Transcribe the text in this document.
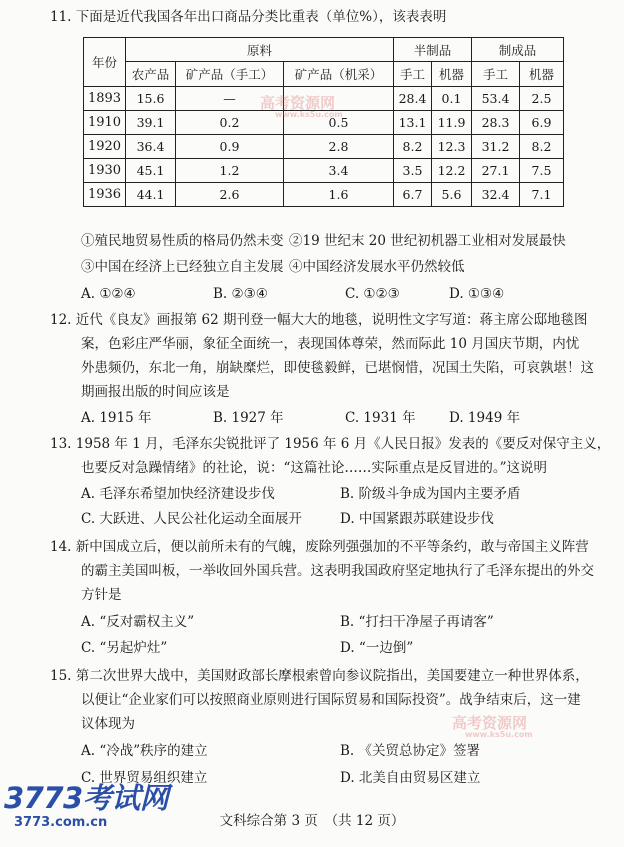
11. 下面是近代我国各年出口商品分类比重表（单位%），该表表明
年份	原料			半制品		制成品	
	农产品	矿产品（手工）	矿产品（机采）	手工	机器	手工	机器
1893	15.6	—		28.4	0.1	53.4	2.5
1910	39.1	0.2	0.5	13.1	11.9	28.3	6.9
1920	36.4	0.9	2.8	8.2	12.3	31.2	8.2
1930	45.1	1.2	3.4	3.5	12.2	27.1	7.5
1936	44.1	2.6	1.6	6.7	5.6	32.4	7.1
①殖民地贸易性质的格局仍然未变 ②19 世纪末 20 世纪初机器工业相对发展最快
③中国在经济上已经独立自主发展 ④中国经济发展水平仍然较低
A. ①②④	B. ②③④	C. ①②③	D. ①③④
12. 近代《良友》画报第 62 期刊登一幅大大的地毯，说明性文字写道：蒋主席公邸地毯图
案，色彩庄严华丽，象征全面统一，表现国体尊荣，然而际此 10 月国庆节期，内忧
外患频仍，东北一角，崩缺糜烂，即使毯毅鲜，已堪悯惜，况国土失陷，可哀孰堪！这
期画报出版的时间应该是
A. 1915 年	B. 1927 年	C. 1931 年 D. 1949 年
13. 1958 年 1 月，毛泽东尖锐批评了 1956 年 6 月《人民日报》发表的《要反对保守主义，
也要反对急躁情绪》的社论，说：“这篇社论……实际重点是反冒进的。”这说明
A. 毛泽东希望加快经济建设步伐	B. 阶级斗争成为国内主要矛盾
C. 大跃进、人民公社化运动全面展开	D. 中国紧跟苏联建设步伐
14. 新中国成立后，便以前所未有的气魄，废除列强强加的不平等条约，敢与帝国主义阵营
的霸主美国叫板，一举收回外国兵营。这表明我国政府坚定地执行了毛泽东提出的外交
方针是
A. “反对霸权主义”	B. “打扫干净屋子再请客”
C. “另起炉灶”	D. “一边倒”
15. 第二次世界大战中，美国财政部长摩根索曾向参议院指出，美国要建立一种世界体系，
以便让“企业家们可以按照商业原则进行国际贸易和国际投资”。战争结束后，这一建
议体现为
A. “冷战”秩序的建立	B. 《关贸总协定》签署
C. 世界贸易组织建立	D. 北美自由贸易区建立
高考资源网
www.ks5u.com
高考资源网
www.ks5u.com
文科综合第 3 页　（共 12 页）
3773考试网
3773.com.cn
